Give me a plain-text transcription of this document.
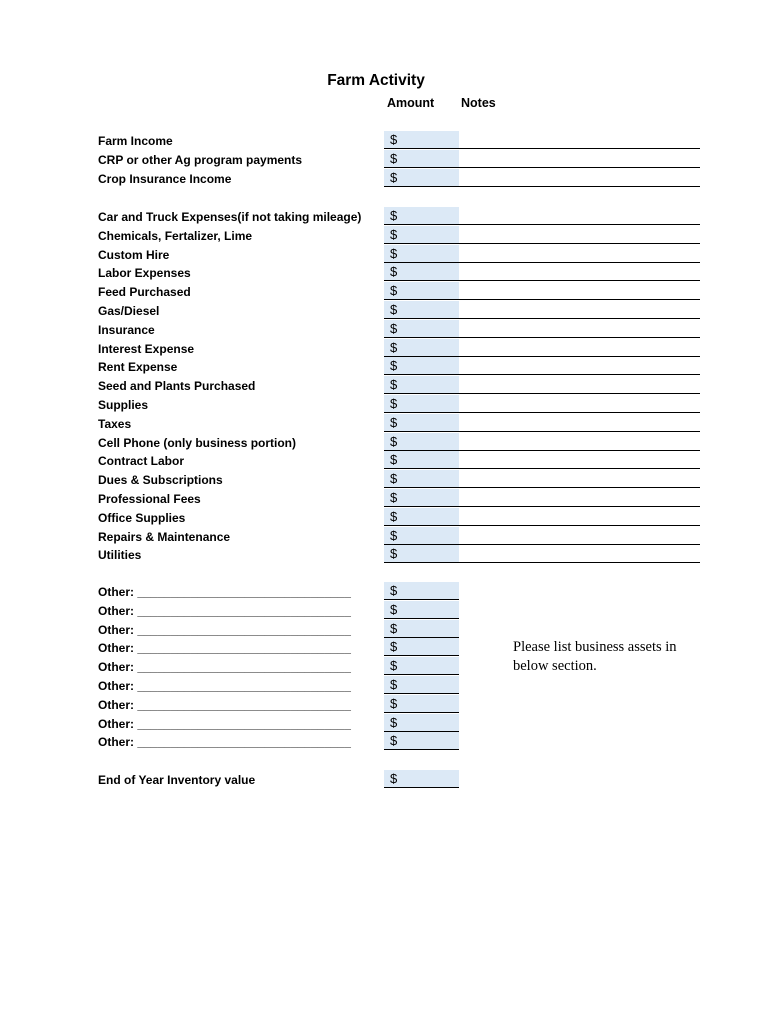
Farm Activity
Amount Notes
Farm Income	$
CRP or other Ag program payments	$
Crop Insurance Income	$
Car and Truck Expenses(if not taking mileage)	$
Chemicals, Fertalizer, Lime	$
Custom Hire	$
Labor Expenses	$
Feed Purchased	$
Gas/Diesel	$
Insurance	$
Interest Expense	$
Rent Expense	$
Seed and Plants Purchased	$
Supplies	$
Taxes	$
Cell Phone (only business portion)	$
Contract Labor	$
Dues & Subscriptions	$
Professional Fees	$
Office Supplies	$
Repairs & Maintenance	$
Utilities	$
Other: ________________________________	$
Other: ________________________________	$
Other: ________________________________	$
Other: ________________________________	$
Other: ________________________________	$
Other: ________________________________	$
Other: ________________________________	$
Other: ________________________________	$
Other: ________________________________	$
End of Year Inventory value	$
Please list business assets in below section.
